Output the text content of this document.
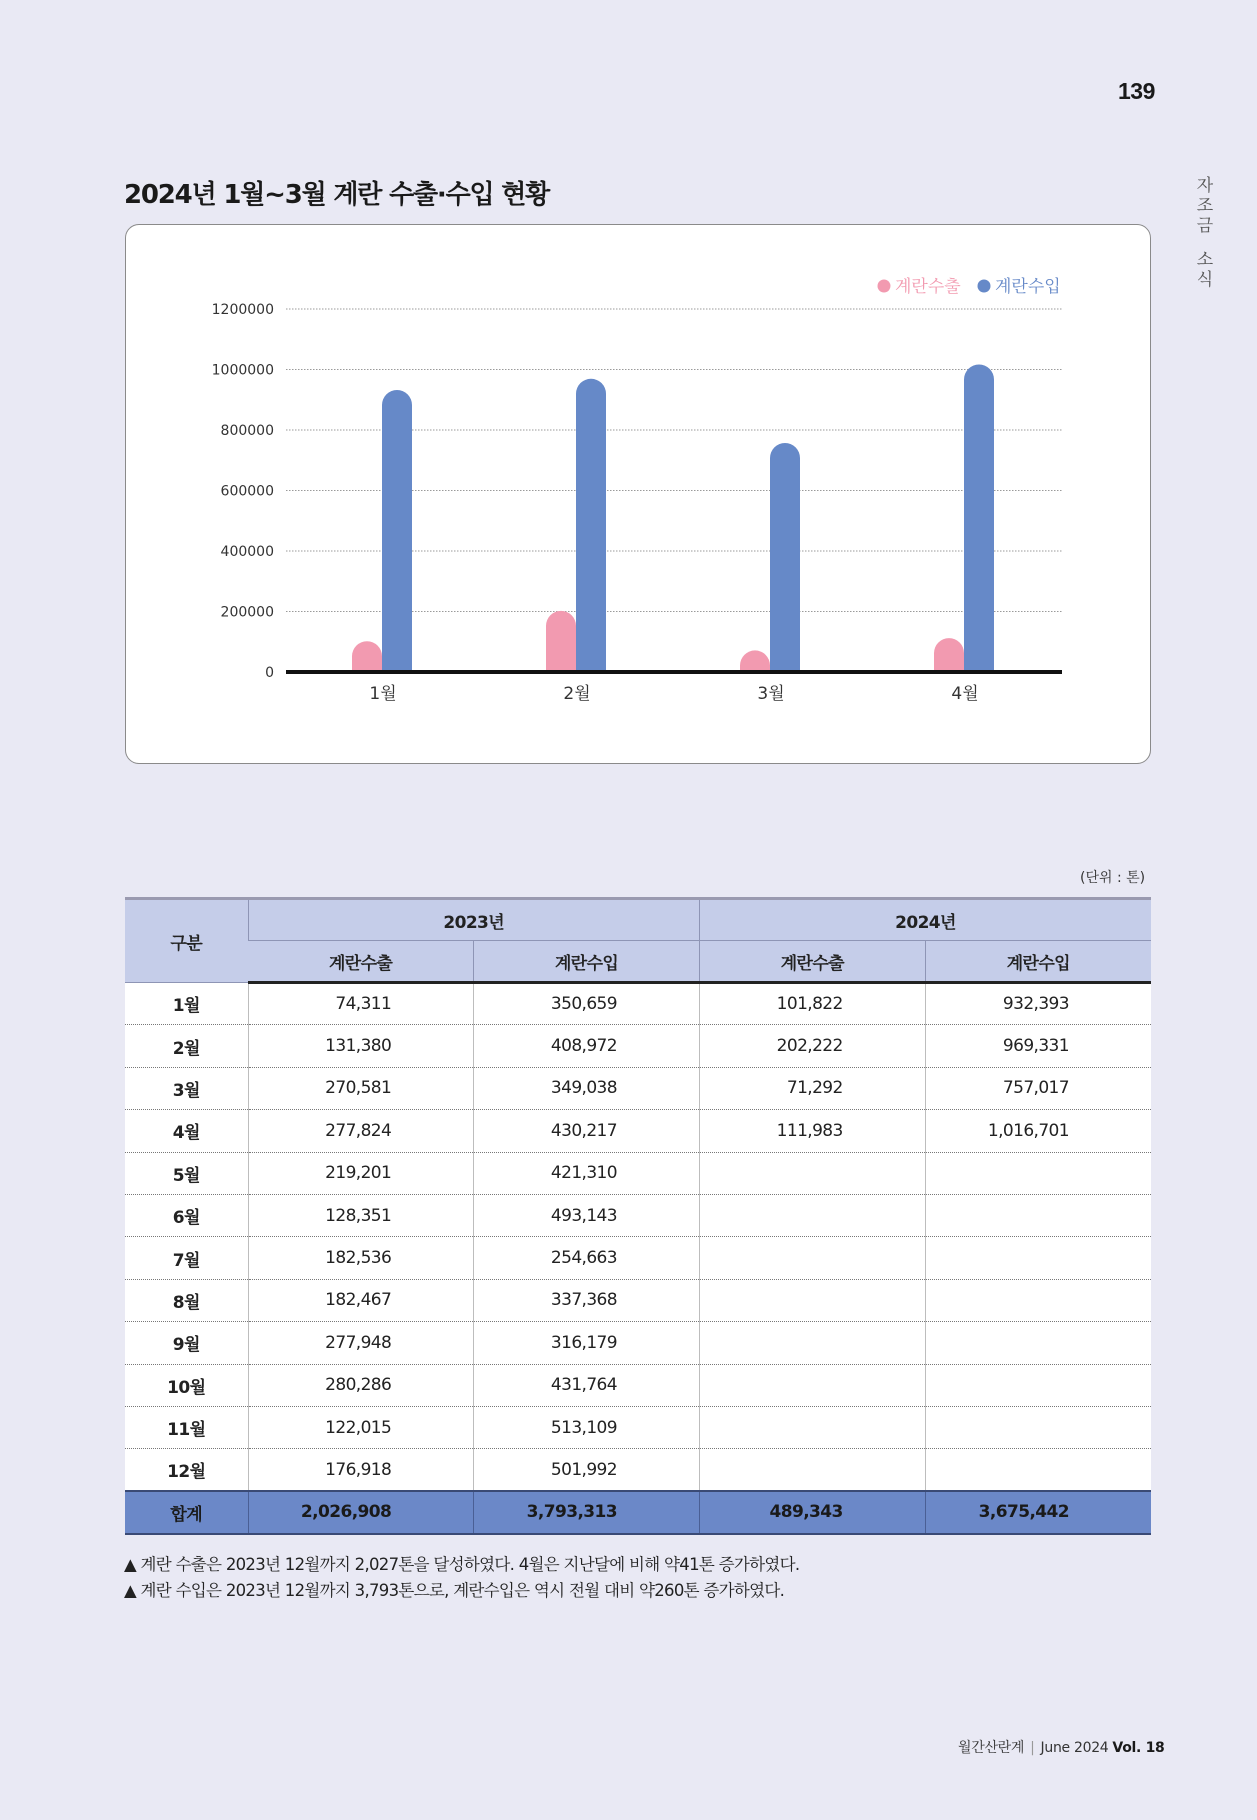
139
자
조
금
소
식
2024년 1월~3월 계란 수출·수입 현황
0
200000
400000
600000
800000
1000000
1200000
1월	2월	3월	4월
계란수출 계란수입
(단위 : 톤)
구분	2023년		2024년	
	계란수출	계란수입	계란수출	계란수입
1월	74,311	350,659	101,822	932,393
2월	131,380	408,972	202,222	969,331
3월	270,581	349,038	71,292	757,017
4월	277,824	430,217	111,983	1,016,701
5월	219,201	421,310		
6월	128,351	493,143		
7월	182,536	254,663		
8월	182,467	337,368		
9월	277,948	316,179		
10월	280,286	431,764		
11월	122,015	513,109		
12월	176,918	501,992		
합계	2,026,908	3,793,313	489,343	3,675,442
▲ 계란 수출은 2023년 12월까지 2,027톤을 달성하였다. 4월은 지난달에 비해 약41톤 증가하였다.
▲ 계란 수입은 2023년 12월까지 3,793톤으로, 계란수입은 역시 전월 대비 약260톤 증가하였다.
월간산란계 | June 2024 Vol. 18
